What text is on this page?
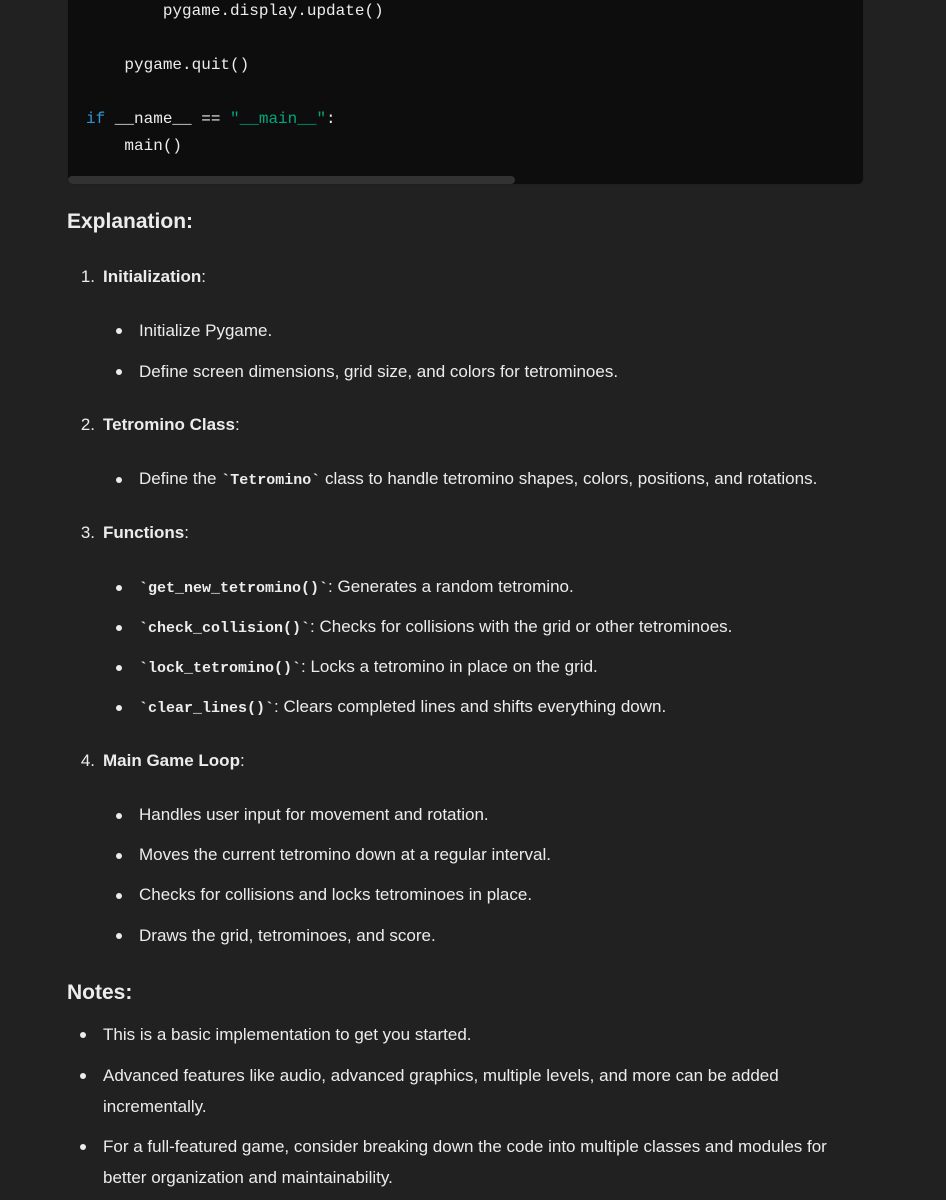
pygame.display.update()
pygame.quit()
if __name__ == "__main__":
main()
Explanation:
1. Initialization:
Initialize Pygame.
Define screen dimensions, grid size, and colors for tetrominoes.
2. Tetromino Class:
Define the `Tetromino` class to handle tetromino shapes, colors, positions, and rotations.
3. Functions:
`get_new_tetromino()`: Generates a random tetromino.
`check_collision()`: Checks for collisions with the grid or other tetrominoes.
`lock_tetromino()`: Locks a tetromino in place on the grid.
`clear_lines()`: Clears completed lines and shifts everything down.
4. Main Game Loop:
Handles user input for movement and rotation.
Moves the current tetromino down at a regular interval.
Checks for collisions and locks tetrominoes in place.
Draws the grid, tetrominoes, and score.
Notes:
This is a basic implementation to get you started.
Advanced features like audio, advanced graphics, multiple levels, and more can be added
incrementally.
For a full-featured game, consider breaking down the code into multiple classes and modules for
better organization and maintainability.
